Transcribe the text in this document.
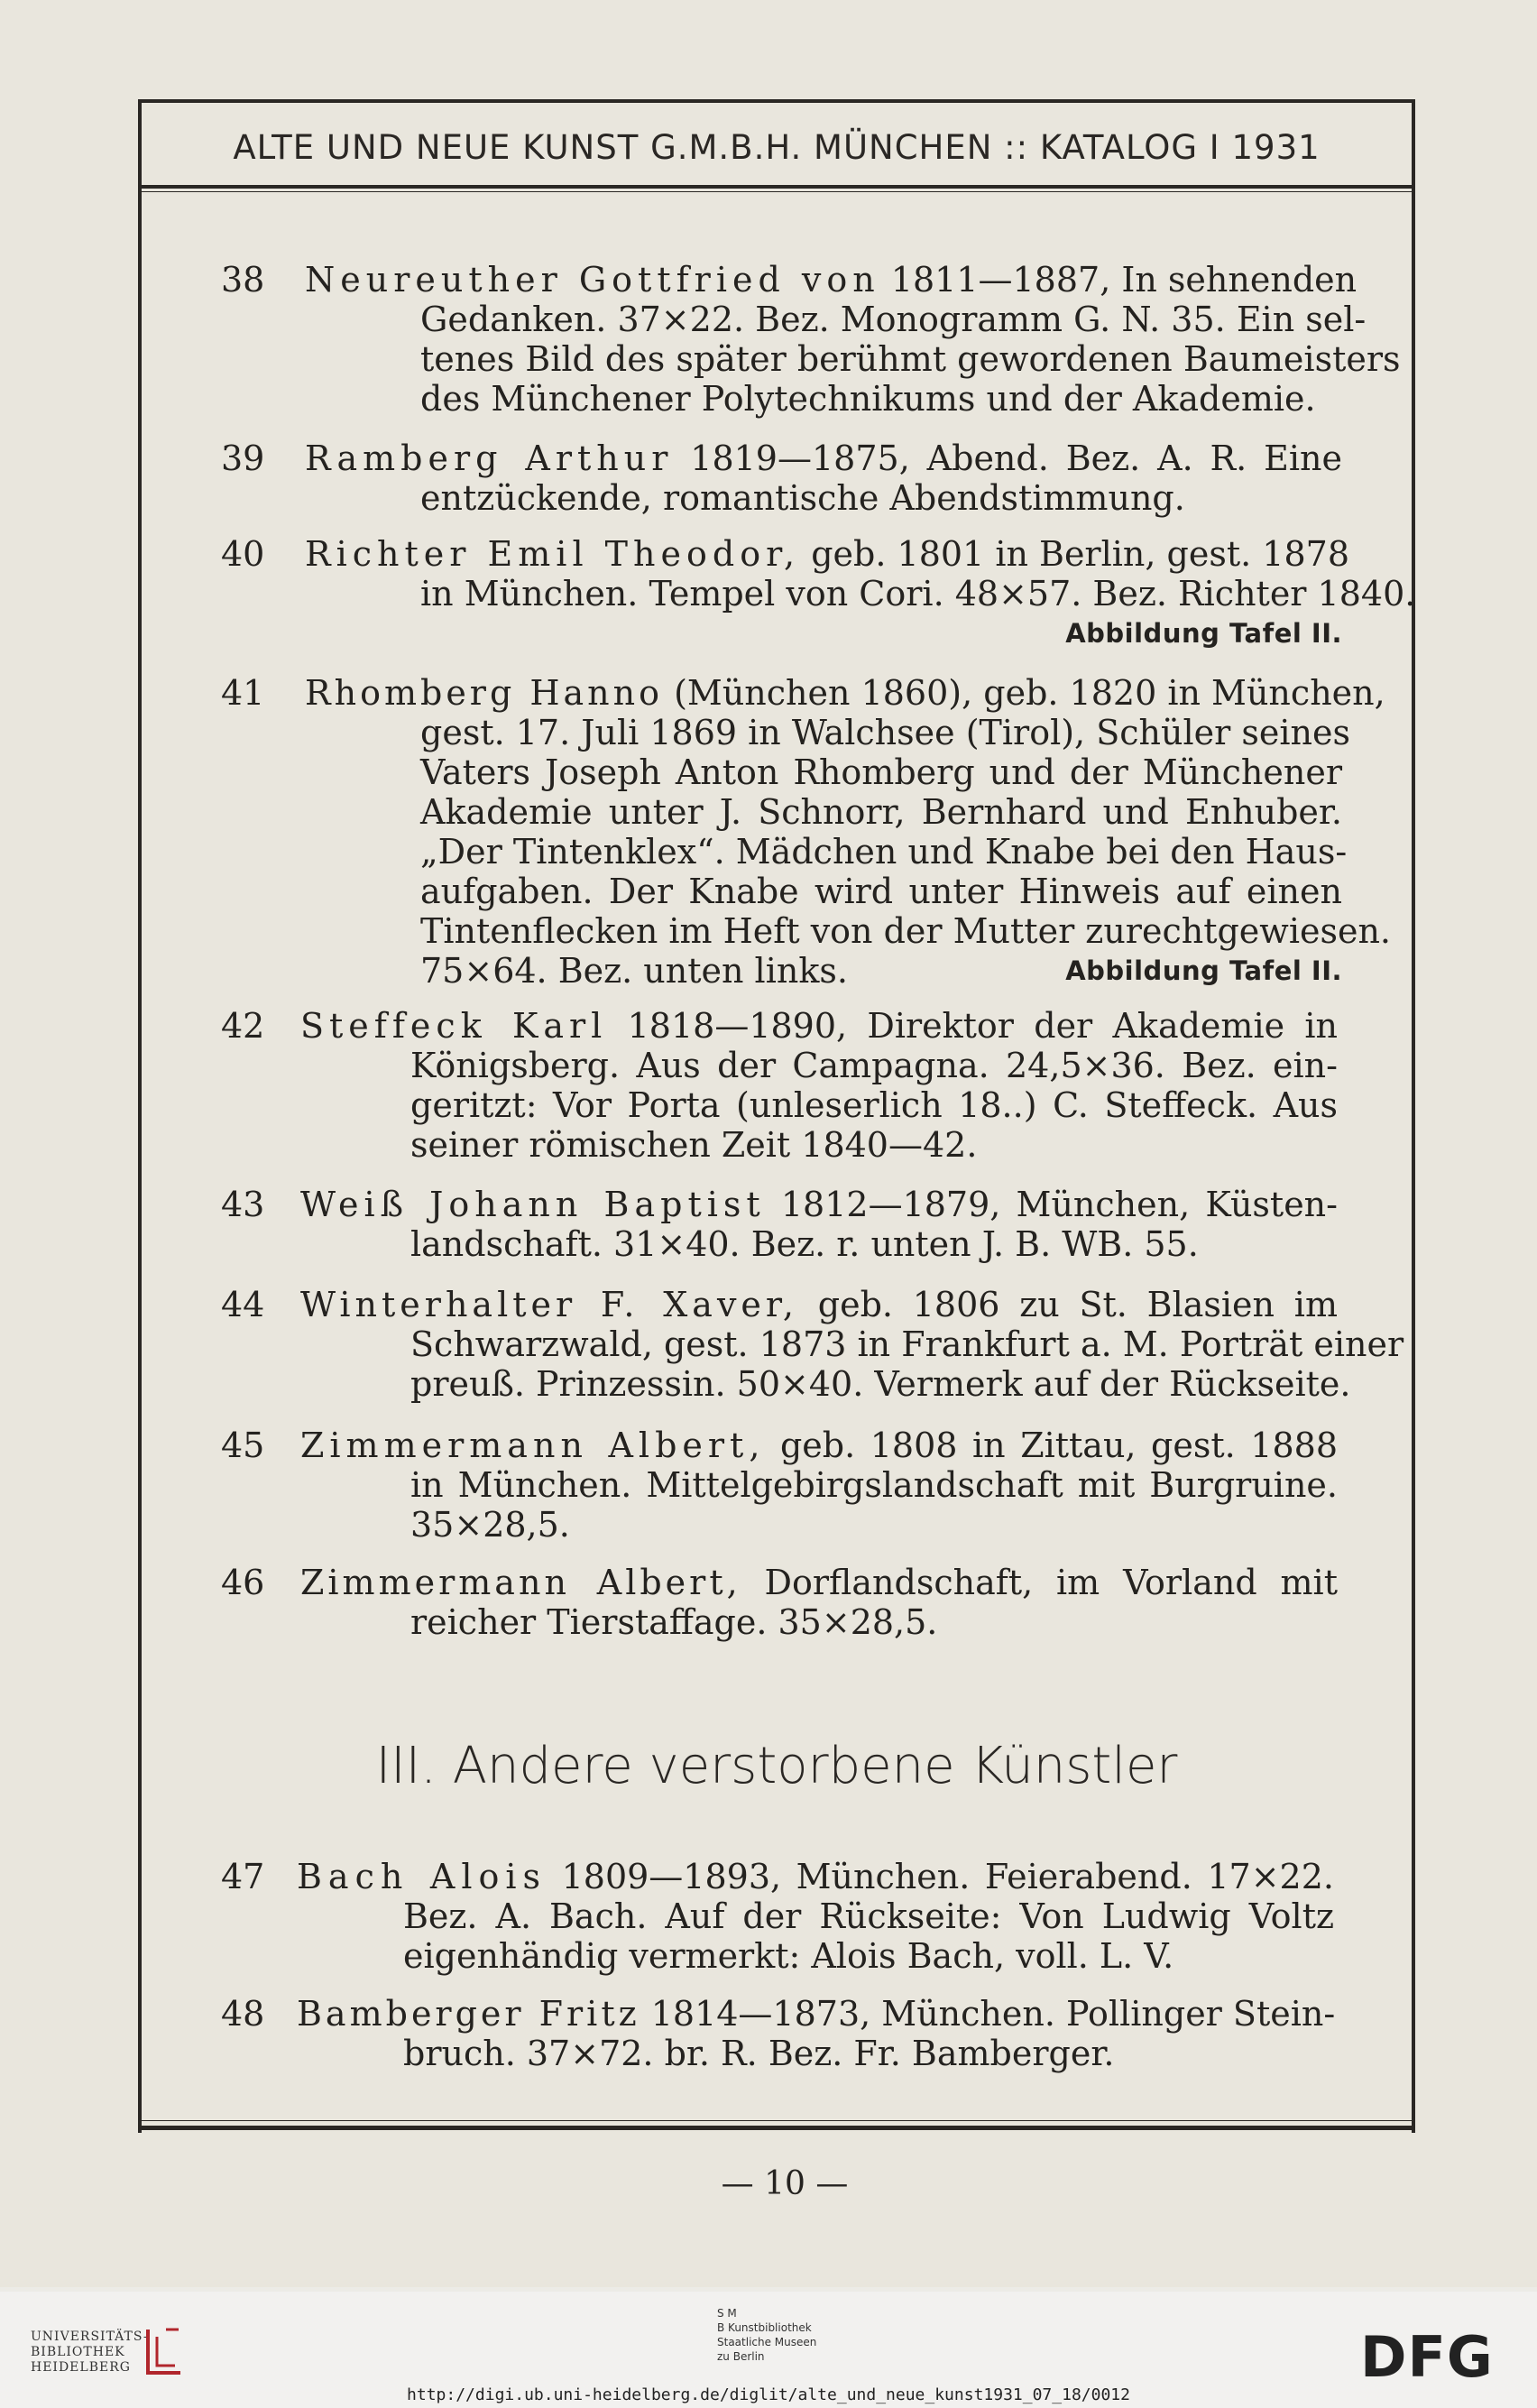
ALTE UND NEUE KUNST G.M.B.H. MÜNCHEN :: KATALOG I 1931
38	Neureuther Gottfried von 1811—1887, In sehnenden
Gedanken. 37×22. Bez. Monogramm G. N. 35. Ein sel-
tenes Bild des später berühmt gewordenen Baumeisters
des Münchener Polytechnikums und der Akademie.
39	Ramberg Arthur 1819—1875, Abend. Bez. A. R. Eine
entzückende, romantische Abendstimmung.
40	Richter Emil Theodor, geb. 1801 in Berlin, gest. 1878
in München. Tempel von Cori. 48×57. Bez. Richter 1840.
Abbildung Tafel II.
41	Rhomberg Hanno (München 1860), geb. 1820 in München,
gest. 17. Juli 1869 in Walchsee (Tirol), Schüler seines
Vaters Joseph Anton Rhomberg und der Münchener
Akademie unter J. Schnorr, Bernhard und Enhuber.
„Der Tintenklex“. Mädchen und Knabe bei den Haus-
aufgaben. Der Knabe wird unter Hinweis auf einen
Tintenflecken im Heft von der Mutter zurechtgewiesen.
75×64. Bez. unten links.	Abbildung Tafel II.
42	Steffeck Karl 1818—1890, Direktor der Akademie in
Königsberg. Aus der Campagna. 24,5×36. Bez. ein-
geritzt: Vor Porta (unleserlich 18..) C. Steffeck. Aus
seiner römischen Zeit 1840—42.
43	Weiß Johann Baptist 1812—1879, München, Küsten-
landschaft. 31×40. Bez. r. unten J. B. WB. 55.
44	Winterhalter F. Xaver, geb. 1806 zu St. Blasien im
Schwarzwald, gest. 1873 in Frankfurt a. M. Porträt einer
preuß. Prinzessin. 50×40. Vermerk auf der Rückseite.
45	Zimmermann Albert, geb. 1808 in Zittau, gest. 1888
in München. Mittelgebirgslandschaft mit Burgruine.
35×28,5.
46	Zimmermann Albert, Dorflandschaft, im Vorland mit
reicher Tierstaffage. 35×28,5.
III. Andere verstorbene Künstler
47 Bach Alois 1809—1893, München. Feierabend. 17×22.
Bez. A. Bach. Auf der Rückseite: Von Ludwig Voltz
eigenhändig vermerkt: Alois Bach, voll. L. V.
48 Bamberger Fritz 1814—1873, München. Pollinger Stein-
bruch. 37×72. br. R. Bez. Fr. Bamberger.
— 10 —
UNIVERSITÄTS-
BIBLIOTHEK
HEIDELBERG
S M
B Kunstbibliothek
Staatliche Museen
zu Berlin	DFG
http://digi.ub.uni-heidelberg.de/diglit/alte_und_neue_kunst1931_07_18/0012
